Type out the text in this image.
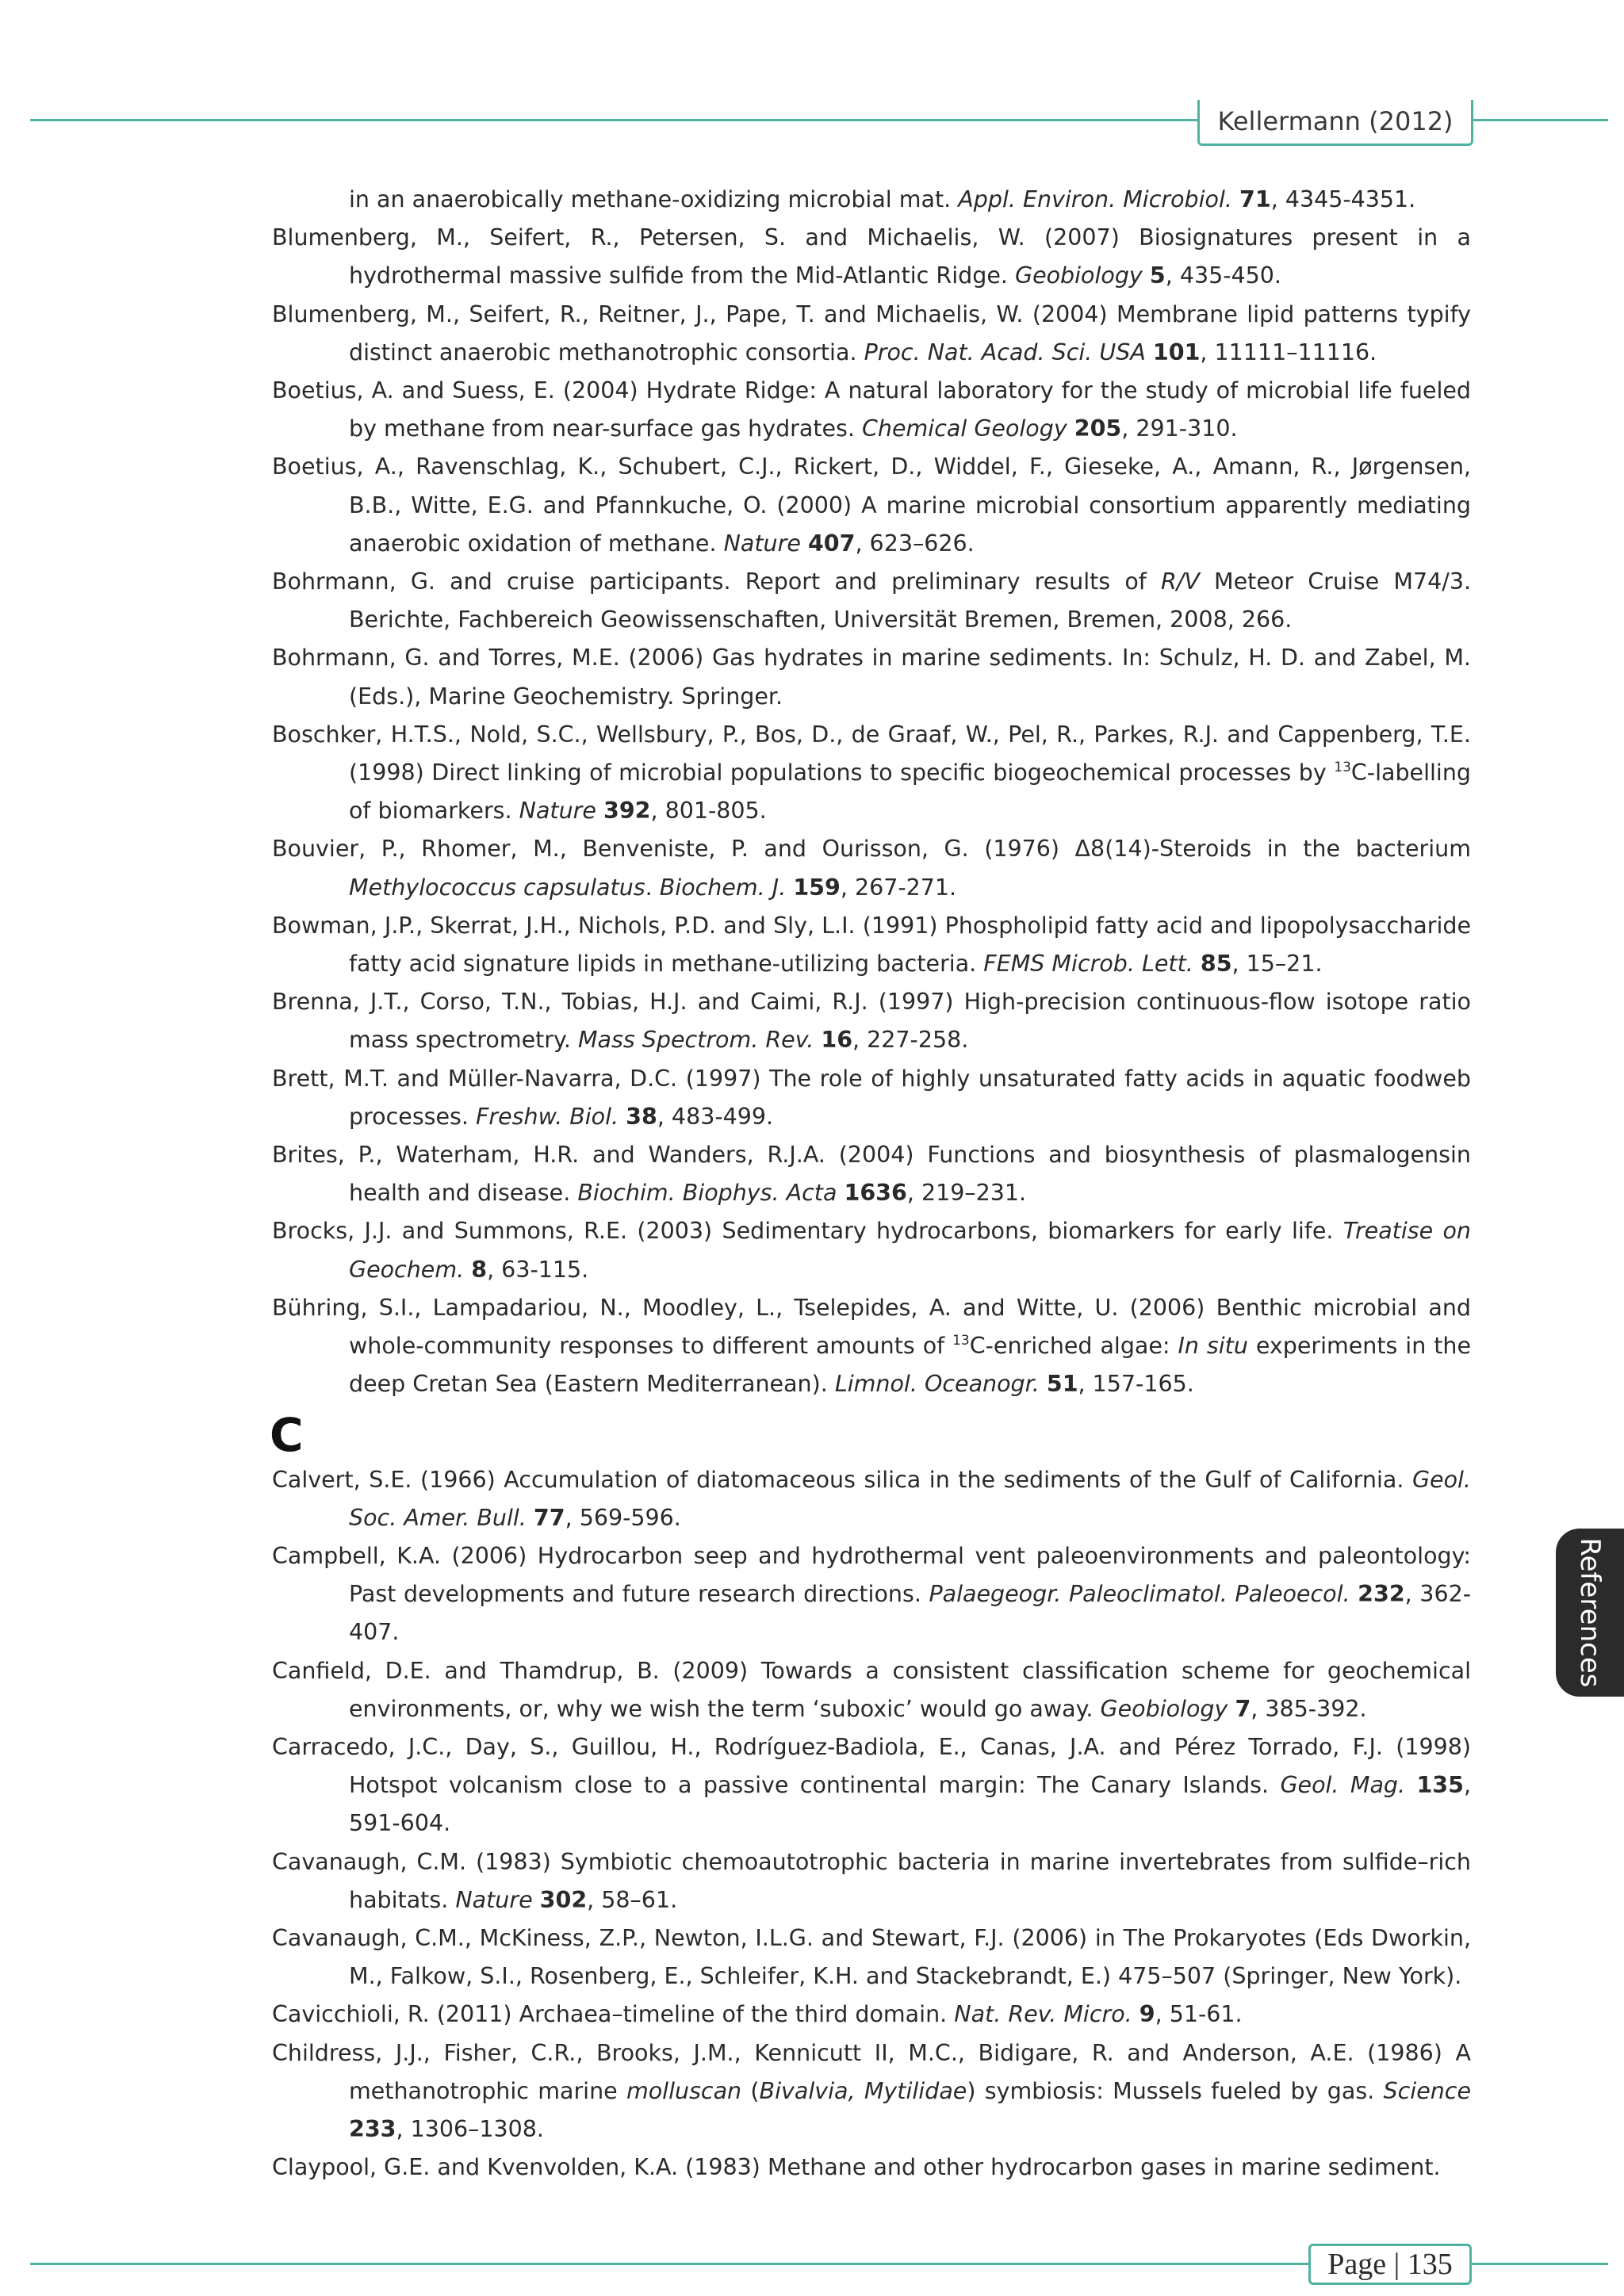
Kellermann (2012)

in an anaerobically methane-oxidizing microbial mat. Appl. Environ. Microbiol. 71, 4345-4351.

Blumenberg, M., Seifert, R., Petersen, S. and Michaelis, W. (2007) Biosignatures present in a hydrothermal massive sulfide from the Mid-Atlantic Ridge. Geobiology 5, 435-450.

Blumenberg, M., Seifert, R., Reitner, J., Pape, T. and Michaelis, W. (2004) Membrane lipid patterns typify distinct anaerobic methanotrophic consortia. Proc. Nat. Acad. Sci. USA 101, 11111–11116.

Boetius, A. and Suess, E. (2004) Hydrate Ridge: A natural laboratory for the study of microbial life fueled by methane from near-surface gas hydrates. Chemical Geology 205, 291-310.

Boetius, A., Ravenschlag, K., Schubert, C.J., Rickert, D., Widdel, F., Gieseke, A., Amann, R., Jørgensen, B.B., Witte, E.G. and Pfannkuche, O. (2000) A marine microbial consortium apparently mediating anaerobic oxidation of methane. Nature 407, 623–626.

Bohrmann, G. and cruise participants. Report and preliminary results of R/V Meteor Cruise M74/3. Berichte, Fachbereich Geowissenschaften, Universität Bremen, Bremen, 2008, 266.

Bohrmann, G. and Torres, M.E. (2006) Gas hydrates in marine sediments. In: Schulz, H. D. and Zabel, M. (Eds.), Marine Geochemistry. Springer.

Boschker, H.T.S., Nold, S.C., Wellsbury, P., Bos, D., de Graaf, W., Pel, R., Parkes, R.J. and Cappenberg, T.E. (1998) Direct linking of microbial populations to specific biogeochemical processes by $^{13}$C-labelling of biomarkers. Nature 392, 801-805.

Bouvier, P., Rhomer, M., Benveniste, P. and Ourisson, G. (1976) Δ8(14)-Steroids in the bacterium Methylococcus capsulatus. Biochem. J. 159, 267-271.

Bowman, J.P., Skerrat, J.H., Nichols, P.D. and Sly, L.I. (1991) Phospholipid fatty acid and lipopolysaccharide fatty acid signature lipids in methane-utilizing bacteria. FEMS Microb. Lett. 85, 15–21.

Brenna, J.T., Corso, T.N., Tobias, H.J. and Caimi, R.J. (1997) High-precision continuous-flow isotope ratio mass spectrometry. Mass Spectrom. Rev. 16, 227-258.

Brett, M.T. and Müller-Navarra, D.C. (1997) The role of highly unsaturated fatty acids in aquatic foodweb processes. Freshw. Biol. 38, 483-499.

Brites, P., Waterham, H.R. and Wanders, R.J.A. (2004) Functions and biosynthesis of plasmalogensin health and disease. Biochim. Biophys. Acta 1636, 219–231.

Brocks, J.J. and Summons, R.E. (2003) Sedimentary hydrocarbons, biomarkers for early life. Treatise on Geochem. 8, 63-115.

Bühring, S.I., Lampadariou, N., Moodley, L., Tselepides, A. and Witte, U. (2006) Benthic microbial and whole-community responses to different amounts of $^{13}$C-enriched algae: In situ experiments in the deep Cretan Sea (Eastern Mediterranean). Limnol. Oceanogr. 51, 157-165.

C

Calvert, S.E. (1966) Accumulation of diatomaceous silica in the sediments of the Gulf of California. Geol. Soc. Amer. Bull. 77, 569-596.

Campbell, K.A. (2006) Hydrocarbon seep and hydrothermal vent paleoenvironments and paleontology: Past developments and future research directions. Palaegeogr. Paleoclimatol. Paleoecol. 232, 362-407.

Canfield, D.E. and Thamdrup, B. (2009) Towards a consistent classification scheme for geochemical environments, or, why we wish the term ‘suboxic’ would go away. Geobiology 7, 385-392.

Carracedo, J.C., Day, S., Guillou, H., Rodríguez-Badiola, E., Canas, J.A. and Pérez Torrado, F.J. (1998) Hotspot volcanism close to a passive continental margin: The Canary Islands. Geol. Mag. 135, 591-604.

Cavanaugh, C.M. (1983) Symbiotic chemoautotrophic bacteria in marine invertebrates from sulfide–rich habitats. Nature 302, 58–61.

Cavanaugh, C.M., McKiness, Z.P., Newton, I.L.G. and Stewart, F.J. (2006) in The Prokaryotes (Eds Dworkin, M., Falkow, S.I., Rosenberg, E., Schleifer, K.H. and Stackebrandt, E.) 475–507 (Springer, New York).

Cavicchioli, R. (2011) Archaea–timeline of the third domain. Nat. Rev. Micro. 9, 51-61.

Childress, J.J., Fisher, C.R., Brooks, J.M., Kennicutt II, M.C., Bidigare, R. and Anderson, A.E. (1986) A methanotrophic marine molluscan (Bivalvia, Mytilidae) symbiosis: Mussels fueled by gas. Science 233, 1306–1308.

Claypool, G.E. and Kvenvolden, K.A. (1983) Methane and other hydrocarbon gases in marine sediment.

References
Page | 135
